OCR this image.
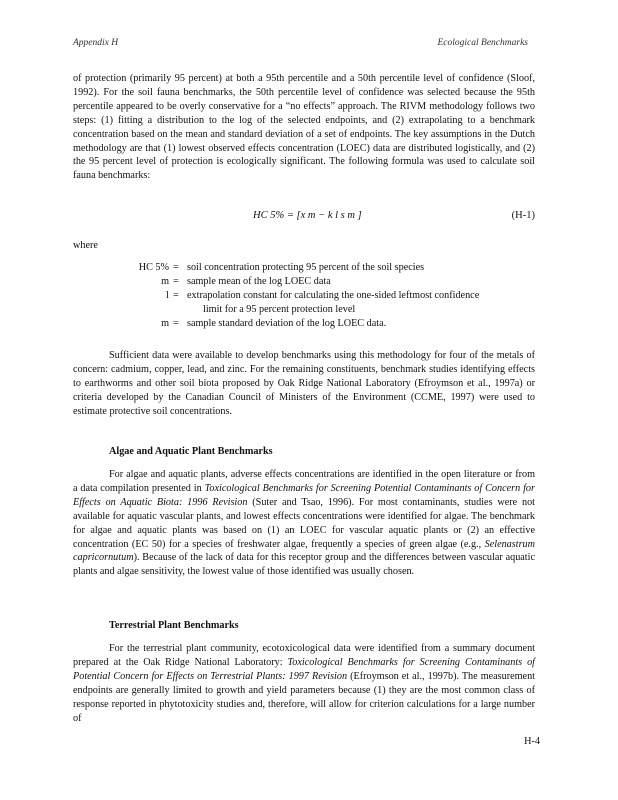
Appendix H	Ecological Benchmarks

of protection (primarily 95 percent) at both a 95th percentile and a 50th percentile level of confidence (Sloof, 1992). For the soil fauna benchmarks, the 50th percentile level of confidence was selected because the 95th percentile appeared to be overly conservative for a “no effects” approach. The RIVM methodology follows two steps: (1) fitting a distribution to the log of the selected endpoints, and (2) extrapolating to a benchmark concentration based on the mean and standard deviation of a set of endpoints. The key assumptions in the Dutch methodology are that (1) lowest observed effects concentration (LOEC) data are distributed logistically, and (2) the 95 percent level of protection is ecologically significant. The following formula was used to calculate soil fauna benchmarks:

HC 5% = [x m − k l s m ]	(H-1)
where
HC 5% = soil concentration protecting 95 percent of the soil species
m = sample mean of the log LOEC data
l = extrapolation constant for calculating the one-sided leftmost confidence
limit for a 95 percent protection level
m = sample standard deviation of the log LOEC data.

Sufficient data were available to develop benchmarks using this methodology for four of the metals of concern: cadmium, copper, lead, and zinc. For the remaining constituents, benchmark studies identifying effects to earthworms and other soil biota proposed by Oak Ridge National Laboratory (Efroymson et al., 1997a) or criteria developed by the Canadian Council of Ministers of the Environment (CCME, 1997) were used to estimate protective soil concentrations.

Algae and Aquatic Plant Benchmarks

For algae and aquatic plants, adverse effects concentrations are identified in the open literature or from a data compilation presented in Toxicological Benchmarks for Screening Potential Contaminants of Concern for Effects on Aquatic Biota: 1996 Revision (Suter and Tsao, 1996). For most contaminants, studies were not available for aquatic vascular plants, and lowest effects concentrations were identified for algae. The benchmark for algae and aquatic plants was based on (1) an LOEC for vascular aquatic plants or (2) an effective concentration (EC 50) for a species of freshwater algae, frequently a species of green algae (e.g., Selenastrum capricornutum). Because of the lack of data for this receptor group and the differences between vascular aquatic plants and algae sensitivity, the lowest value of those identified was usually chosen.

Terrestrial Plant Benchmarks

For the terrestrial plant community, ecotoxicological data were identified from a summary document prepared at the Oak Ridge National Laboratory: Toxicological Benchmarks for Screening Contaminants of Potential Concern for Effects on Terrestrial Plants: 1997 Revision (Efroymson et al., 1997b). The measurement endpoints are generally limited to growth and yield parameters because (1) they are the most common class of response reported in phytotoxicity studies and, therefore, will allow for criterion calculations for a large number of

H-4
